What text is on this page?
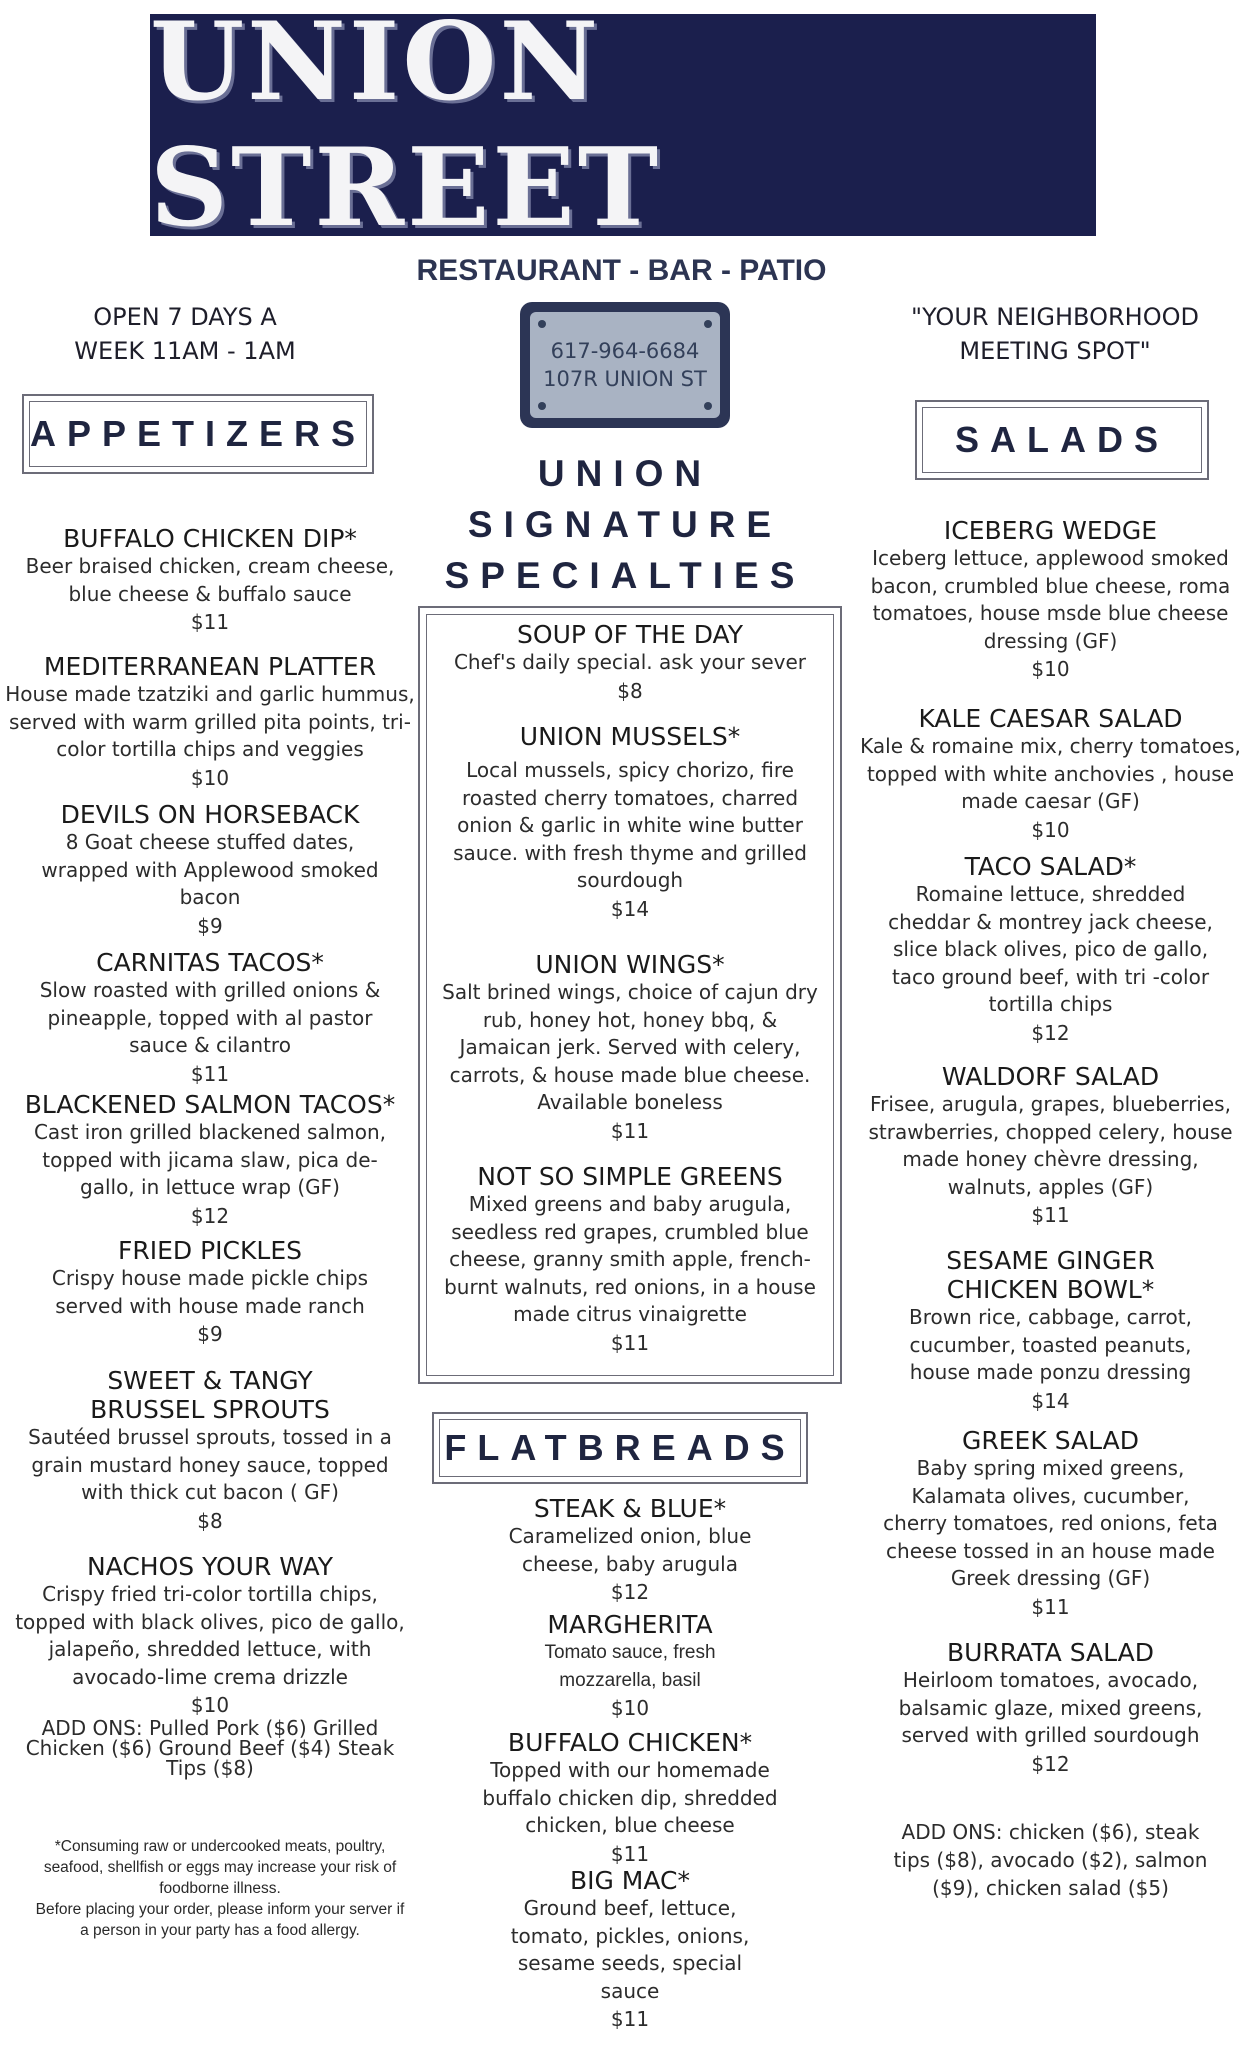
UNION STREET
RESTAURANT - BAR - PATIO
OPEN 7 DAYS A
WEEK 11AM - 1AM
"YOUR NEIGHBORHOOD
MEETING SPOT"
617-964-6684
107R UNION ST
APPETIZERS	SALADS
UNION
SIGNATURE
SPECIALTIES
FLATBREADS
BUFFALO CHICKEN DIP*
Beer braised chicken, cream cheese,
blue cheese & buffalo sauce
$11
MEDITERRANEAN PLATTER
House made tzatziki and garlic hummus,
served with warm grilled pita points, tri-
color tortilla chips and veggies
$10
DEVILS ON HORSEBACK
8 Goat cheese stuffed dates,
wrapped with Applewood smoked
bacon
$9
CARNITAS TACOS*
Slow roasted with grilled onions &
pineapple, topped with al pastor
sauce & cilantro
$11
BLACKENED SALMON TACOS*
Cast iron grilled blackened salmon,
topped with jicama slaw, pica de-
gallo, in lettuce wrap (GF)
$12
FRIED PICKLES
Crispy house made pickle chips
served with house made ranch
$9
SWEET & TANGY
BRUSSEL SPROUTS
Sautéed brussel sprouts, tossed in a
grain mustard honey sauce, topped
with thick cut bacon ( GF)
$8
NACHOS YOUR WAY
Crispy fried tri-color tortilla chips,
topped with black olives, pico de gallo,
jalapeño, shredded lettuce, with
avocado-lime crema drizzle
$10
ADD ONS: Pulled Pork ($6) Grilled
Chicken ($6) Ground Beef ($4) Steak
Tips ($8)
*Consuming raw or undercooked meats, poultry,
seafood, shellfish or eggs may increase your risk of
foodborne illness.
Before placing your order, please inform your server if
a person in your party has a food allergy.
SOUP OF THE DAY
Chef's daily special. ask your sever
$8
UNION MUSSELS*
Local mussels, spicy chorizo, fire
roasted cherry tomatoes, charred
onion & garlic in white wine butter
sauce. with fresh thyme and grilled
sourdough
$14
UNION WINGS*
Salt brined wings, choice of cajun dry
rub, honey hot, honey bbq, &
Jamaican jerk. Served with celery,
carrots, & house made blue cheese.
Available boneless
$11
NOT SO SIMPLE GREENS
Mixed greens and baby arugula,
seedless red grapes, crumbled blue
cheese, granny smith apple, french-
burnt walnuts, red onions, in a house
made citrus vinaigrette
$11
STEAK & BLUE*
Caramelized onion, blue
cheese, baby arugula
$12
MARGHERITA
Tomato sauce, fresh
mozzarella, basil
$10
BUFFALO CHICKEN*
Topped with our homemade
buffalo chicken dip, shredded
chicken, blue cheese
$11
BIG MAC*
Ground beef, lettuce,
tomato, pickles, onions,
sesame seeds, special
sauce
$11
ICEBERG WEDGE
Iceberg lettuce, applewood smoked
bacon, crumbled blue cheese, roma
tomatoes, house msde blue cheese
dressing (GF)
$10
KALE CAESAR SALAD
Kale & romaine mix, cherry tomatoes,
topped with white anchovies , house
made caesar (GF)
$10
TACO SALAD*
Romaine lettuce, shredded
cheddar & montrey jack cheese,
slice black olives, pico de gallo,
taco ground beef, with tri -color
tortilla chips
$12
WALDORF SALAD
Frisee, arugula, grapes, blueberries,
strawberries, chopped celery, house
made honey chèvre dressing,
walnuts, apples (GF)
$11
SESAME GINGER
CHICKEN BOWL*
Brown rice, cabbage, carrot,
cucumber, toasted peanuts,
house made ponzu dressing
$14
GREEK SALAD
Baby spring mixed greens,
Kalamata olives, cucumber,
cherry tomatoes, red onions, feta
cheese tossed in an house made
Greek dressing (GF)
$11
BURRATA SALAD
Heirloom tomatoes, avocado,
balsamic glaze, mixed greens,
served with grilled sourdough
$12
ADD ONS: chicken ($6), steak
tips ($8), avocado ($2), salmon
($9), chicken salad ($5)
